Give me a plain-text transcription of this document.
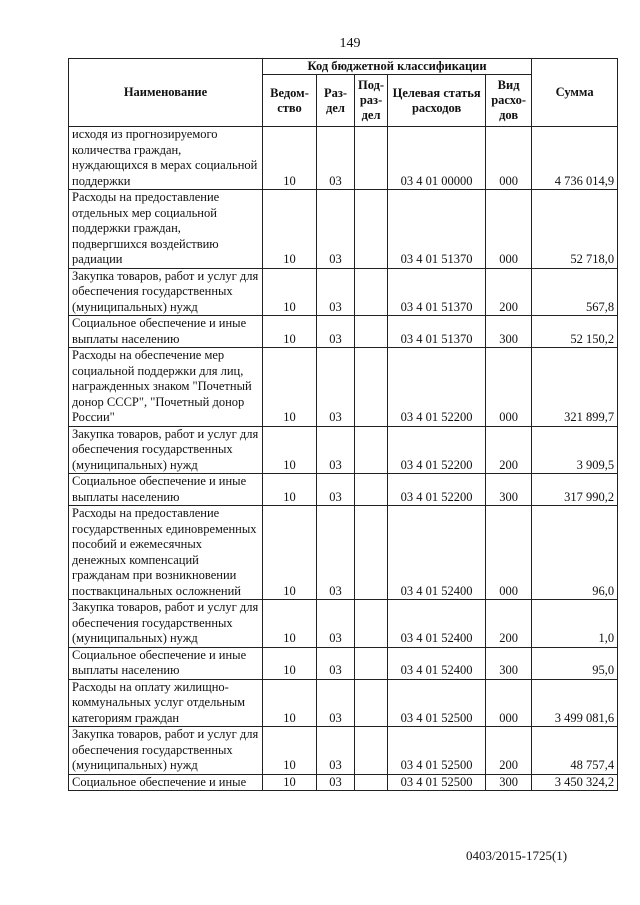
149
Наименование	Код бюджетной классификации					Сумма
	Ведом-ство	Раз-дел	Под-раз-дел	Целевая статья расходов	Вид расхо-дов	
исходя из прогнозируемого количества граждан, нуждающихся в мерах социальной поддержки	10	03		03 4 01 00000	000	4 736 014,9
Расходы на предоставление отдельных мер социальной поддержки граждан, подвергшихся воздействию радиации	10	03		03 4 01 51370	000	52 718,0
Закупка товаров, работ и услуг для обеспечения государственных (муниципальных) нужд	10	03		03 4 01 51370	200	567,8
Социальное обеспечение и иные выплаты населению	10	03		03 4 01 51370	300	52 150,2
Расходы на обеспечение мер социальной поддержки для лиц, награжденных знаком "Почетный донор СССР", "Почетный донор России"	10	03		03 4 01 52200	000	321 899,7
Закупка товаров, работ и услуг для обеспечения государственных (муниципальных) нужд	10	03		03 4 01 52200	200	3 909,5
Социальное обеспечение и иные выплаты населению	10	03		03 4 01 52200	300	317 990,2
Расходы на предоставление государственных единовременных пособий и ежемесячных денежных компенсаций гражданам при возникновении поствакцинальных осложнений	10	03		03 4 01 52400	000	96,0
Закупка товаров, работ и услуг для обеспечения государственных (муниципальных) нужд	10	03		03 4 01 52400	200	1,0
Социальное обеспечение и иные выплаты населению	10	03		03 4 01 52400	300	95,0
Расходы на оплату жилищно-коммунальных услуг отдельным категориям граждан	10	03		03 4 01 52500	000	3 499 081,6
Закупка товаров, работ и услуг для обеспечения государственных (муниципальных) нужд	10	03		03 4 01 52500	200	48 757,4
Социальное обеспечение и иные	10	03		03 4 01 52500	300	3 450 324,2
0403/2015-1725(1)
